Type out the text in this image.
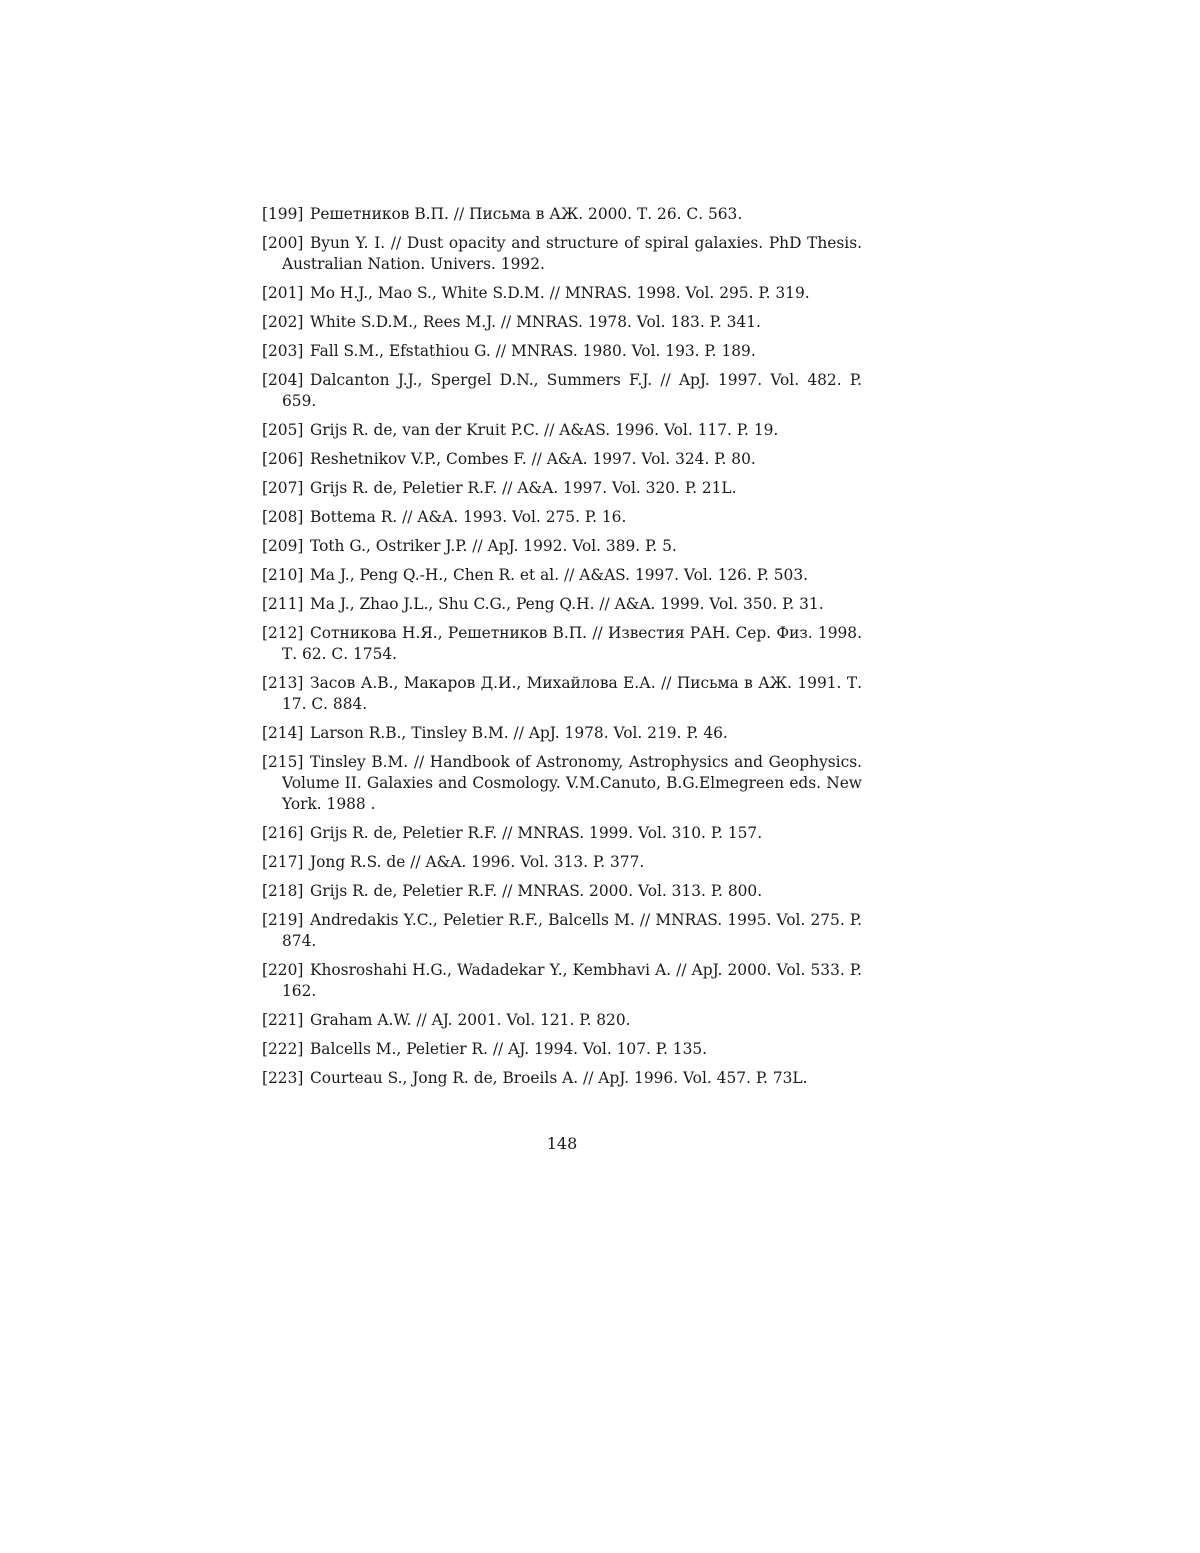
[199] Решетников В.П. // Письма в АЖ. 2000. Т. 26. С. 563.
[200] Byun Y. I. // Dust opacity and structure of spiral galaxies. PhD Thesis. Australian Nation. Univers. 1992.
[201] Mo H.J., Mao S., White S.D.M. // MNRAS. 1998. Vol. 295. P. 319.
[202] White S.D.M., Rees M.J. // MNRAS. 1978. Vol. 183. P. 341.
[203] Fall S.M., Efstathiou G. // MNRAS. 1980. Vol. 193. P. 189.
[204] Dalcanton J.J., Spergel D.N., Summers F.J. // ApJ. 1997. Vol. 482. P. 659.
[205] Grijs R. de, van der Kruit P.C. // A&AS. 1996. Vol. 117. P. 19.
[206] Reshetnikov V.P., Combes F. // A&A. 1997. Vol. 324. P. 80.
[207] Grijs R. de, Peletier R.F. // A&A. 1997. Vol. 320. P. 21L.
[208] Bottema R. // A&A. 1993. Vol. 275. P. 16.
[209] Toth G., Ostriker J.P. // ApJ. 1992. Vol. 389. P. 5.
[210] Ma J., Peng Q.-H., Chen R. et al. // A&AS. 1997. Vol. 126. P. 503.
[211] Ma J., Zhao J.L., Shu C.G., Peng Q.H. // A&A. 1999. Vol. 350. P. 31.
[212] Сотникова Н.Я., Решетников В.П. // Известия РАН. Сер. Физ. 1998. Т. 62. С. 1754.
[213] Засов А.В., Макаров Д.И., Михайлова Е.А. // Письма в АЖ. 1991. Т. 17. С. 884.
[214] Larson R.B., Tinsley B.M. // ApJ. 1978. Vol. 219. P. 46.
[215] Tinsley B.M. // Handbook of Astronomy, Astrophysics and Geophysics. Volume II. Galaxies and Cosmology. V.M.Canuto, B.G.Elmegreen eds. New York. 1988 .
[216] Grijs R. de, Peletier R.F. // MNRAS. 1999. Vol. 310. P. 157.
[217] Jong R.S. de // A&A. 1996. Vol. 313. P. 377.
[218] Grijs R. de, Peletier R.F. // MNRAS. 2000. Vol. 313. P. 800.
[219] Andredakis Y.C., Peletier R.F., Balcells M. // MNRAS. 1995. Vol. 275. P. 874.
[220] Khosroshahi H.G., Wadadekar Y., Kembhavi A. // ApJ. 2000. Vol. 533. P. 162.
[221] Graham A.W. // AJ. 2001. Vol. 121. P. 820.
[222] Balcells M., Peletier R. // AJ. 1994. Vol. 107. P. 135.
[223] Courteau S., Jong R. de, Broeils A. // ApJ. 1996. Vol. 457. P. 73L.
148
